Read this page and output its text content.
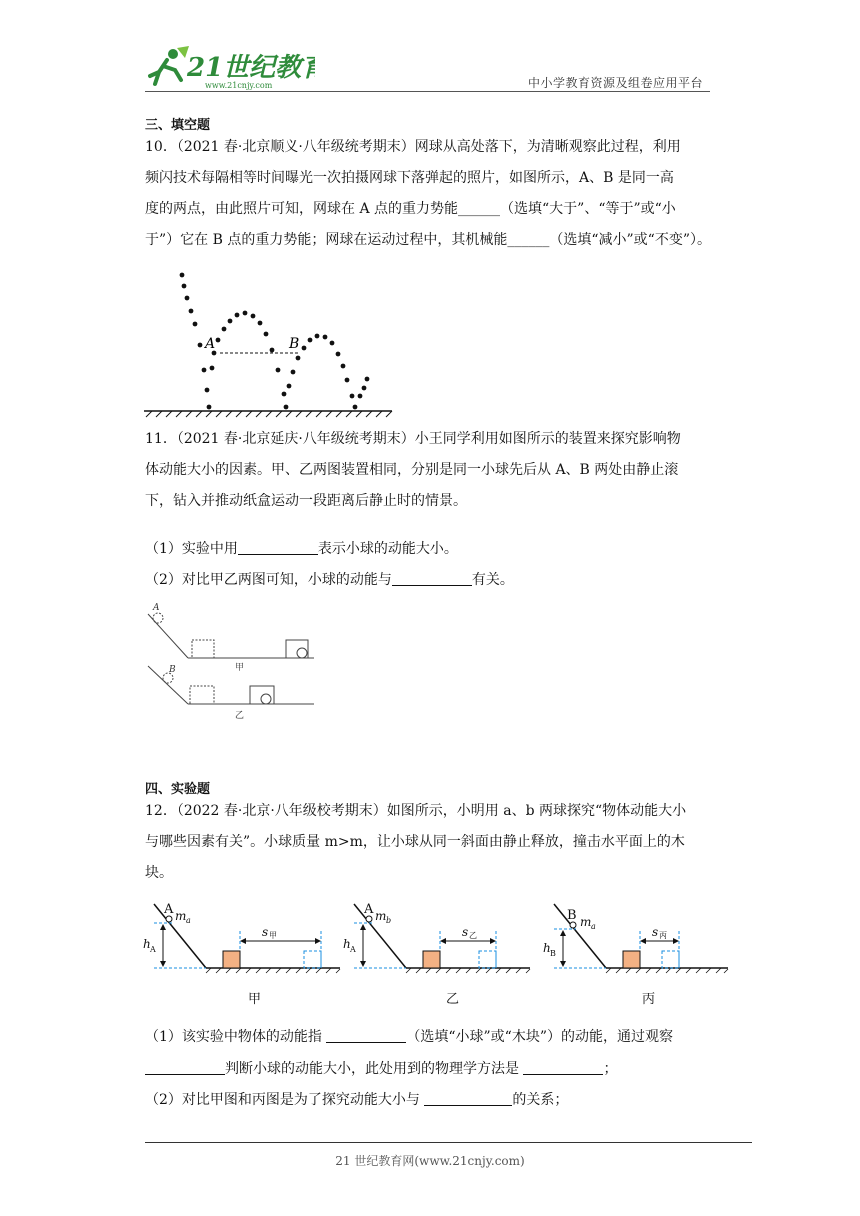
21世纪教育
www.21cnjy.com	中小学教育资源及组卷应用平台
三、填空题
10．（2021 春·北京顺义·八年级统考期末）网球从高处落下，为清晰观察此过程，利用
频闪技术每隔相等时间曝光一次拍摄网球下落弹起的照片，如图所示，A、B 是同一高
度的两点，由此照片可知，网球在 A 点的重力势能______（选填“大于”、“等于”或“小
于”）它在 B 点的重力势能；网球在运动过程中，其机械能______（选填“减小”或“不变”）。
A	B
11．（2021 春·北京延庆·八年级统考期末）小王同学利用如图所示的装置来探究影响物
体动能大小的因素。甲、乙两图装置相同，分别是同一小球先后从 A、B 两处由静止滚
下，钻入并推动纸盒运动一段距离后静止时的情景。
（1）实验中用	表示小球的动能大小。
（2）对比甲乙两图可知，小球的动能与	有关。
A
B	甲
乙
四、实验题
12．（2022 春·北京·八年级校考期末）如图所示，小明用 a、b 两球探究“物体动能大小
与哪些因素有关”。小球质量 m>m，让小球从同一斜面由静止释放，撞击水平面上的木
块。
A m a
h A
s 甲
甲
A m b
h A
s 乙
乙
B m a
h B
s 丙
丙
（1）该实验中物体的动能指	（选填“小球”或“木块”）的动能，通过观察
判断小球的动能大小，此处用到的物理学方法是	；
（2）对比甲图和丙图是为了探究动能大小与	的关系；
21 世纪教育网(www.21cnjy.com)
